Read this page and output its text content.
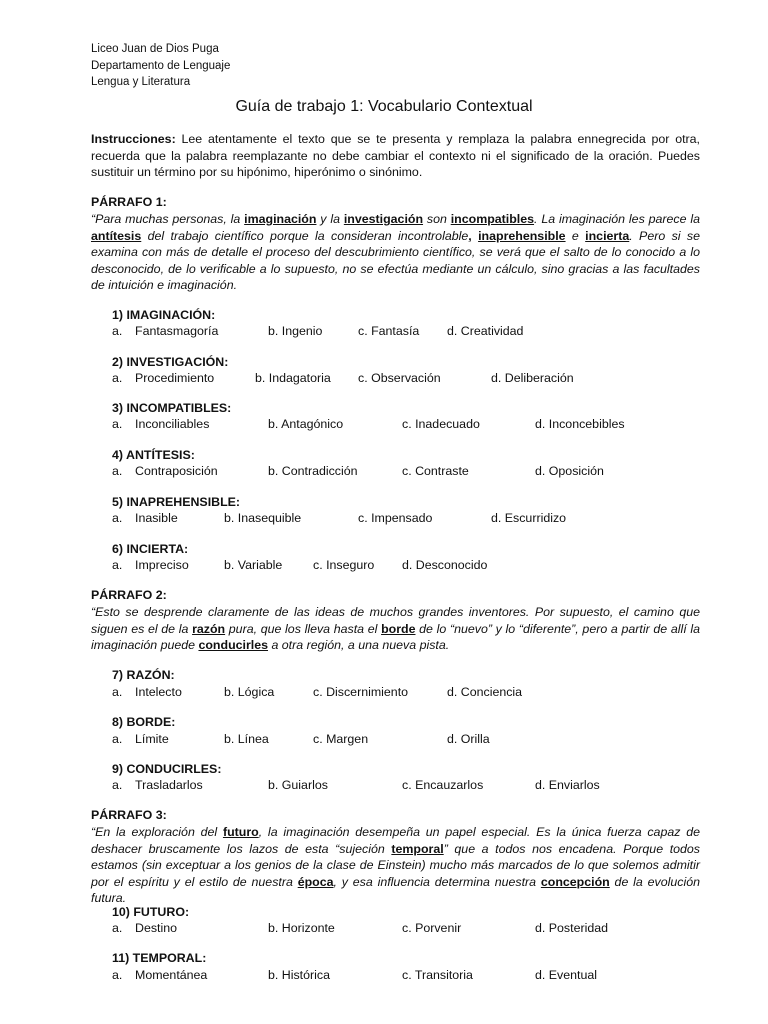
Liceo Juan de Dios Puga
Departamento de Lenguaje
Lengua y Literatura
Guía de trabajo 1: Vocabulario Contextual
Instrucciones: Lee atentamente el texto que se te presenta y remplaza la palabra ennegrecida por otra, recuerda que la palabra reemplazante no debe cambiar el contexto ni el significado de la oración. Puedes sustituir un término por su hipónimo, hiperónimo o sinónimo.
PÁRRAFO 1:
“Para muchas personas, la imaginación y la investigación son incompatibles. La imaginación les parece la antítesis del trabajo científico porque la consideran incontrolable, inaprehensible e incierta. Pero si se examina con más de detalle el proceso del descubrimiento científico, se verá que el salto de lo conocido a lo desconocido, de lo verificable a lo supuesto, no se efectúa mediante un cálculo, sino gracias a las facultades de intuición e imaginación.
1) IMAGINACIÓN:
a. Fantasmagoría	b. Ingenio	c. Fantasía d. Creatividad
2) INVESTIGACIÓN:
a. Procedimiento	b. Indagatoria c. Observación	d. Deliberación
3) INCOMPATIBLES:
a. Inconciliables	b. Antagónico	c. Inadecuado	d. Inconcebibles
4) ANTÍTESIS:
a. Contraposición	b. Contradicción	c. Contraste	d. Oposición
5) INAPREHENSIBLE:
a. Inasible	b. Inasequible	c. Impensado	d. Escurridizo
6) INCIERTA:
a. Impreciso	b. Variable c. Inseguro d. Desconocido
PÁRRAFO 2:
“Esto se desprende claramente de las ideas de muchos grandes inventores. Por supuesto, el camino que siguen es el de la razón pura, que los lleva hasta el borde de lo “nuevo” y lo “diferente”, pero a partir de allí la imaginación puede conducirles a otra región, a una nueva pista.
7) RAZÓN:
a. Intelecto	b. Lógica	c. Discernimiento	d. Conciencia
8) BORDE:
a. Límite	b. Línea	c. Margen	d. Orilla
9) CONDUCIRLES:
a. Trasladarlos	b. Guiarlos	c. Encauzarlos	d. Enviarlos
PÁRRAFO 3:
“En la exploración del futuro, la imaginación desempeña un papel especial. Es la única fuerza capaz de deshacer bruscamente los lazos de esta “sujeción temporal” que a todos nos encadena. Porque todos estamos (sin exceptuar a los genios de la clase de Einstein) mucho más marcados de lo que solemos admitir por el espíritu y el estilo de nuestra época, y esa influencia determina nuestra concepción de la evolución futura.
10) FUTURO:
a. Destino	b. Horizonte	c. Porvenir	d. Posteridad
11) TEMPORAL:
a. Momentánea	b. Histórica	c. Transitoria	d. Eventual
